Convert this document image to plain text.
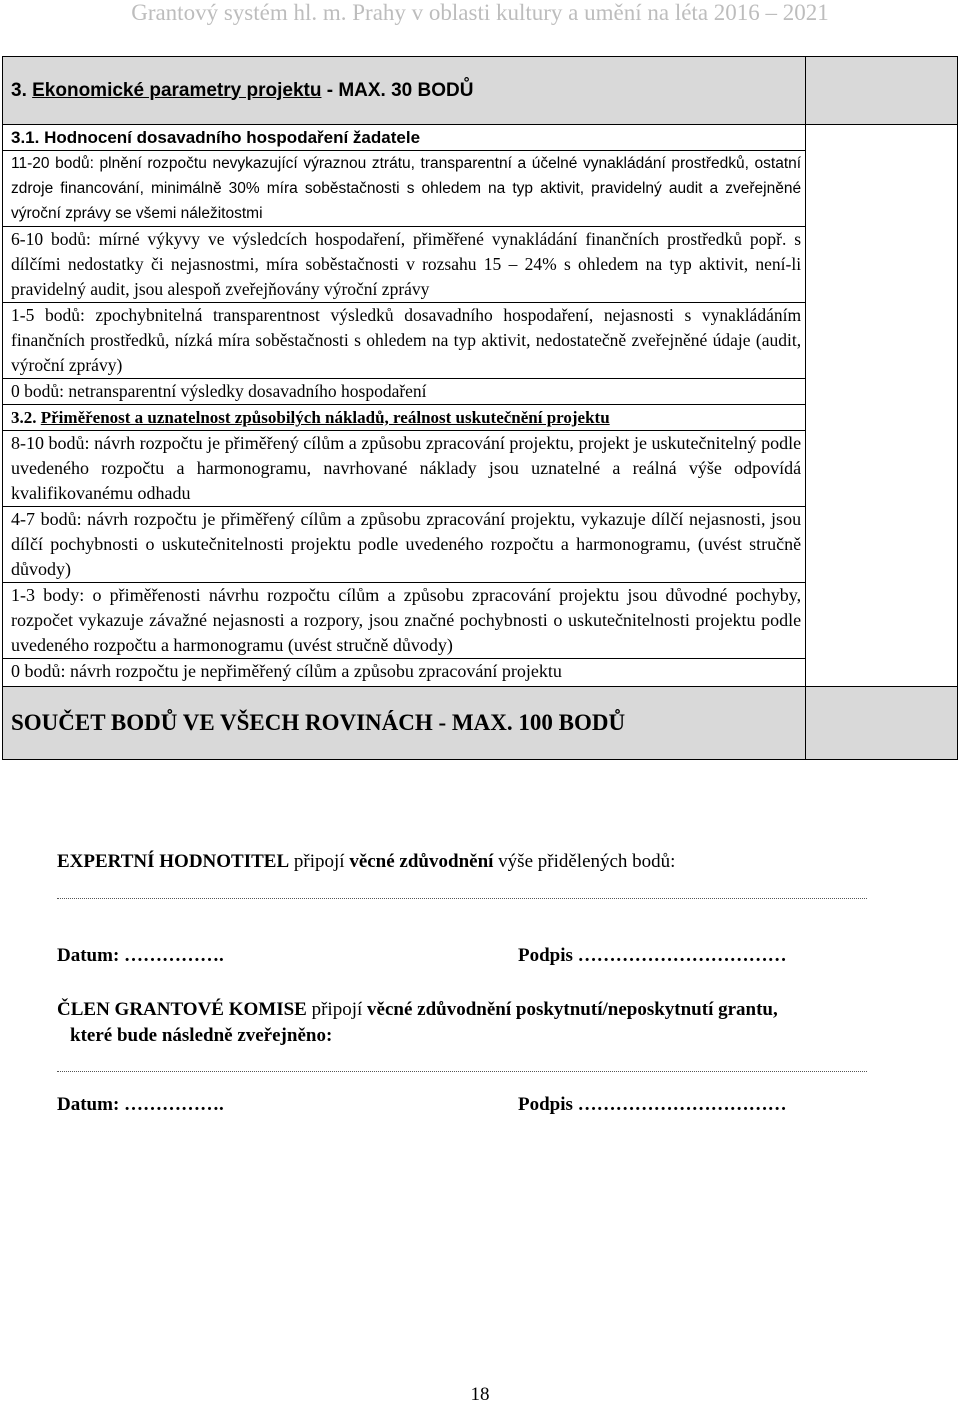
Grantový systém hl. m. Prahy v oblasti kultury a umění na léta 2016 – 2021
3. Ekonomické parametry projektu - MAX. 30 BODŮ	
3.1. Hodnocení dosavadního hospodaření žadatele	
11-20 bodů: plnění rozpočtu nevykazující výraznou ztrátu, transparentní a účelné vynakládání prostředků, ostatní zdroje financování, minimálně 30% míra soběstačnosti s ohledem na typ aktivit, pravidelný audit a zveřejněné výroční zprávy se všemi náležitostmi	
6-10 bodů: mírné výkyvy ve výsledcích hospodaření, přiměřené vynakládání finančních prostředků popř. s dílčími nedostatky či nejasnostmi, míra soběstačnosti v rozsahu 15 – 24% s ohledem na typ aktivit, není-li pravidelný audit, jsou alespoň zveřejňovány výroční zprávy	
1-5 bodů: zpochybnitelná transparentnost výsledků dosavadního hospodaření, nejasnosti s vynakládáním finančních prostředků, nízká míra soběstačnosti s ohledem na typ aktivit, nedostatečně zveřejněné údaje (audit, výroční zprávy)	
0 bodů: netransparentní výsledky dosavadního hospodaření	
3.2. Přiměřenost a uznatelnost způsobilých nákladů, reálnost uskutečnění projektu	
8-10 bodů: návrh rozpočtu je přiměřený cílům a způsobu zpracování projektu, projekt je uskutečnitelný podle uvedeného rozpočtu a harmonogramu, navrhované náklady jsou uznatelné a reálná výše odpovídá kvalifikovanému odhadu	
4-7 bodů: návrh rozpočtu je přiměřený cílům a způsobu zpracování projektu, vykazuje dílčí nejasnosti, jsou dílčí pochybnosti o uskutečnitelnosti projektu podle uvedeného rozpočtu a harmonogramu, (uvést stručně důvody)	
1-3 body: o přiměřenosti návrhu rozpočtu cílům a způsobu zpracování projektu jsou důvodné pochyby, rozpočet vykazuje závažné nejasnosti a rozpory, jsou značné pochybnosti o uskutečnitelnosti projektu podle uvedeného rozpočtu a harmonogramu (uvést stručně důvody)	
0 bodů: návrh rozpočtu je nepřiměřený cílům a způsobu zpracování projektu	
SOUČET BODŮ VE VŠECH ROVINÁCH - MAX. 100 BODŮ	
EXPERTNÍ HODNOTITEL připojí věcné zdůvodnění výše přidělených bodů:
Datum: …………….	Podpis ……………………………
ČLEN GRANTOVÉ KOMISE připojí věcné zdůvodnění poskytnutí/neposkytnutí grantu,
které bude následně zveřejněno:
Datum: …………….	Podpis ……………………………
18
